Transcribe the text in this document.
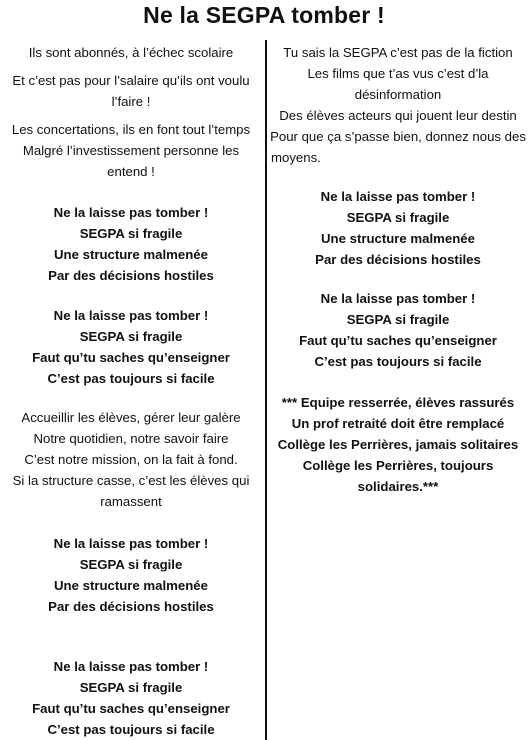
Ne la SEGPA tomber !

Ils sont abonnés, à l’échec scolaire

Et c’est pas pour l’salaire qu’ils ont voulu

l’faire !

Les concertations, ils en font tout l’temps

Malgré l’investissement personne les

entend !

Ne la laisse pas tomber !

SEGPA si fragile

Une structure malmenée

Par des décisions hostiles

Ne la laisse pas tomber !

SEGPA si fragile

Faut qu’tu saches qu’enseigner

C’est pas toujours si facile

Accueillir les élèves, gérer leur galère

Notre quotidien, notre savoir faire

C’est notre mission, on la fait à fond.

Si la structure casse, c’est les élèves qui

ramassent

Ne la laisse pas tomber !

SEGPA si fragile

Une structure malmenée

Par des décisions hostiles

Ne la laisse pas tomber !

SEGPA si fragile

Faut qu’tu saches qu’enseigner

C’est pas toujours si facile

Tu sais la SEGPA c’est pas de la fiction

Les films que t’as vus c’est d’la

désinformation

Des élèves acteurs qui jouent leur destin

Pour que ça s’passe bien, donnez nous des

moyens.

Ne la laisse pas tomber !

SEGPA si fragile

Une structure malmenée

Par des décisions hostiles

Ne la laisse pas tomber !

SEGPA si fragile

Faut qu’tu saches qu’enseigner

C’est pas toujours si facile

*** Equipe resserrée, élèves rassurés

Un prof retraité doit être remplacé

Collège les Perrières, jamais solitaires

Collège les Perrières, toujours

solidaires.***
